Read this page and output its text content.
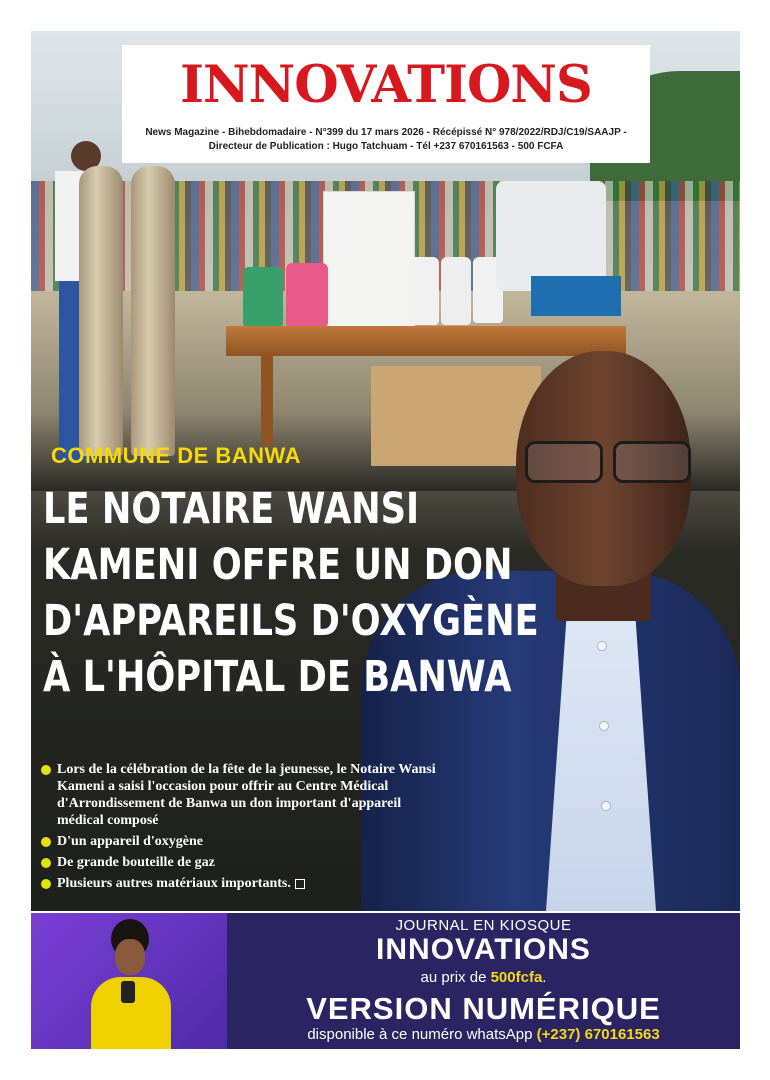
INNOVATIONS
News Magazine - Bihebdomadaire - N°399 du 17 mars 2026 - Récépissé N° 978/2022/RDJ/C19/SAAJP -
Directeur de Publication : Hugo Tatchuam - Tél +237 670161563 - 500 FCFA
COMMUNE DE BANWA
LE NOTAIRE WANSI
KAMENI OFFRE UN DON
D'APPAREILS D'OXYGÈNE
À L'HÔPITAL DE BANWA
Lors de la célébration de la fête de la jeunesse, le Notaire Wansi Kameni a saisi l'occasion pour offrir au Centre Médical d'Arrondissement de Banwa un don important d'appareil médical composé
D'un appareil d'oxygène
De grande bouteille de gaz
Plusieurs autres matériaux importants.
JOURNAL EN KIOSQUE
INNOVATIONS
au prix de 500fcfa.
VERSION NUMÉRIQUE
disponible à ce numéro whatsApp (+237) 670161563
